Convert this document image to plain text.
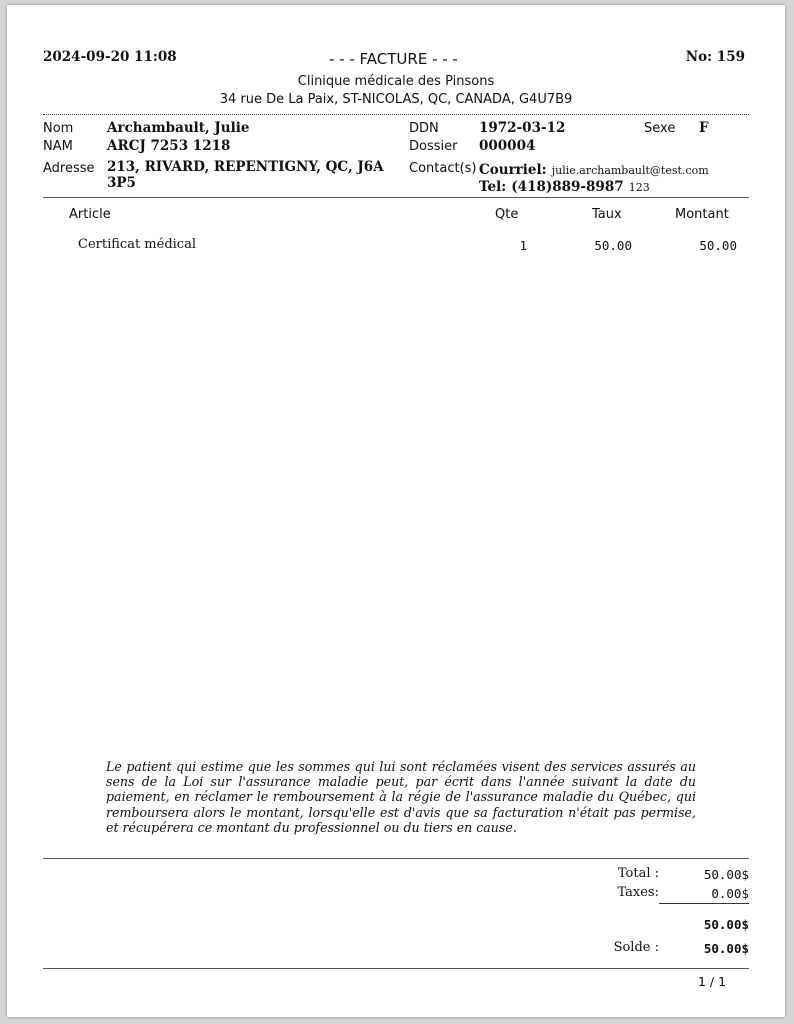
2024-09-20 11:08	- - - FACTURE - - -	No: 159
Clinique médicale des Pinsons
34 rue De La Paix, ST-NICOLAS, QC, CANADA, G4U7B9
Nom Archambault, Julie
NAM	ARCJ 7253 1218
Adresse 213, RIVARD, REPENTIGNY, QC, J6A
3P5
DDN	1972-03-12	Sexe F
Dossier 000004
Contact(s) Courriel: julie.archambault@test.com
Tel: (418)889-8987 123
Article	Qte	Taux	Montant
Certificat médical	1	50.00	50.00
Le patient qui estime que les sommes qui lui sont réclamées visent des services assurés au sens de la Loi sur l'assurance maladie peut, par écrit dans l'année suivant la date du paiement, en réclamer le remboursement à la régie de l'assurance maladie du Québec, qui remboursera alors le montant, lorsqu'elle est d'avis que sa facturation n'était pas permise, et récupérera ce montant du professionnel ou du tiers en cause.
Total :	50.00$
Taxes:	0.00$
50.00$
Solde :	50.00$
1 / 1
